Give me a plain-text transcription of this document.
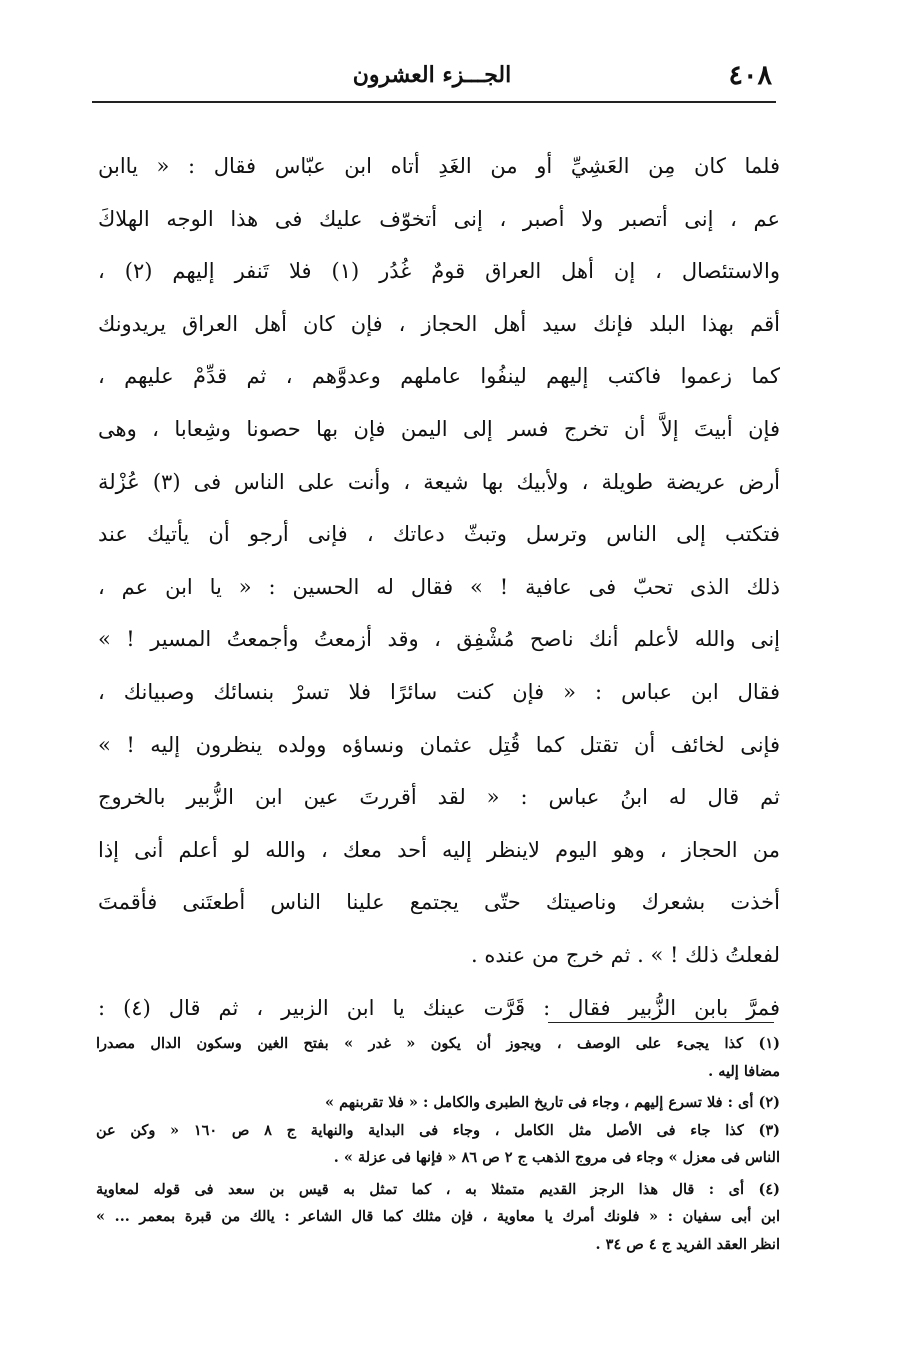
٤٠٨
الجـــزء العشرون
فلما كان مِن العَشِيِّ أو من الغَدِ أتاه ابن عبّاس فقال : « ياابن
عم ، إنى أتصبر ولا أصبر ، إنى أتخوّف عليك فى هذا الوجه الهلاكَ
والاستئصال ، إن أهل العراق قومٌ غُدُر (١) فلا تَنفر إليهم (٢) ،
أقم بهذا البلد فإنك سيد أهل الحجاز ، فإن كان أهل العراق يريدونك
كما زعموا فاكتب إليهم لينفُوا عاملهم وعدوَّهم ، ثم قدِّمْ عليهم ،
فإن أبيتَ إلاَّ أن تخرج فسر إلى اليمن فإن بها حصونا وشِعابا ، وهى
أرض عريضة طويلة ، ولأبيك بها شيعة ، وأنت على الناس فى (٣) عُزْلة
فتكتب إلى الناس وترسل وتبثّ دعاتك ، فإنى أرجو أن يأتيك عند
ذلك الذى تحبّ فى عافية ! » فقال له الحسين : « يا ابن عم ،
إنى والله لأعلم أنك ناصح مُشْفِق ، وقد أزمعتُ وأجمعتُ المسير ! »
فقال ابن عباس : « فإن كنت سائرًا فلا تسرْ بنسائك وصبيانك ،
فإنى لخائف أن تقتل كما قُتِل عثمان ونساؤه وولده ينظرون إليه ! »
ثم قال له ابنُ عباس : « لقد أقررتَ عين ابن الزُّبير بالخروج
من الحجاز ، وهو اليوم لاينظر إليه أحد معك ، والله لو أعلم أنى إذا
أخذت بشعرك وناصيتك حتّى يجتمع علينا الناس أطعتَنى فأقمتَ
لفعلتُ ذلك ! » . ثم خرج من عنده .
فمرَّ بابن الزُّبير فقال : قَرَّت عينك يا ابن الزبير ، ثم قال (٤) :
(١) كذا يجىء على الوصف ، ويجوز أن يكون « غدر » بفتح الغين وسكون الدال مصدرا
مضافا إليه .
(٢) أى : فلا تسرع إليهم ، وجاء فى تاريخ الطبرى والكامل : « فلا تقربنهم »
(٣) كذا جاء فى الأصل مثل الكامل ، وجاء فى البداية والنهاية ج ٨ ص ١٦٠ « وكن عن
الناس فى معزل » وجاء فى مروج الذهب ج ٢ ص ٨٦ « فإنها فى عزلة » .
(٤) أى : قال هذا الرجز القديم متمثلا به ، كما تمثل به قيس بن سعد فى قوله لمعاوية
ابن أبى سفيان : « فلونك أمرك يا معاوية ، فإن مثلك كما قال الشاعر : يالك من قبرة بمعمر ... »
انظر العقد الفريد ج ٤ ص ٣٤ .
